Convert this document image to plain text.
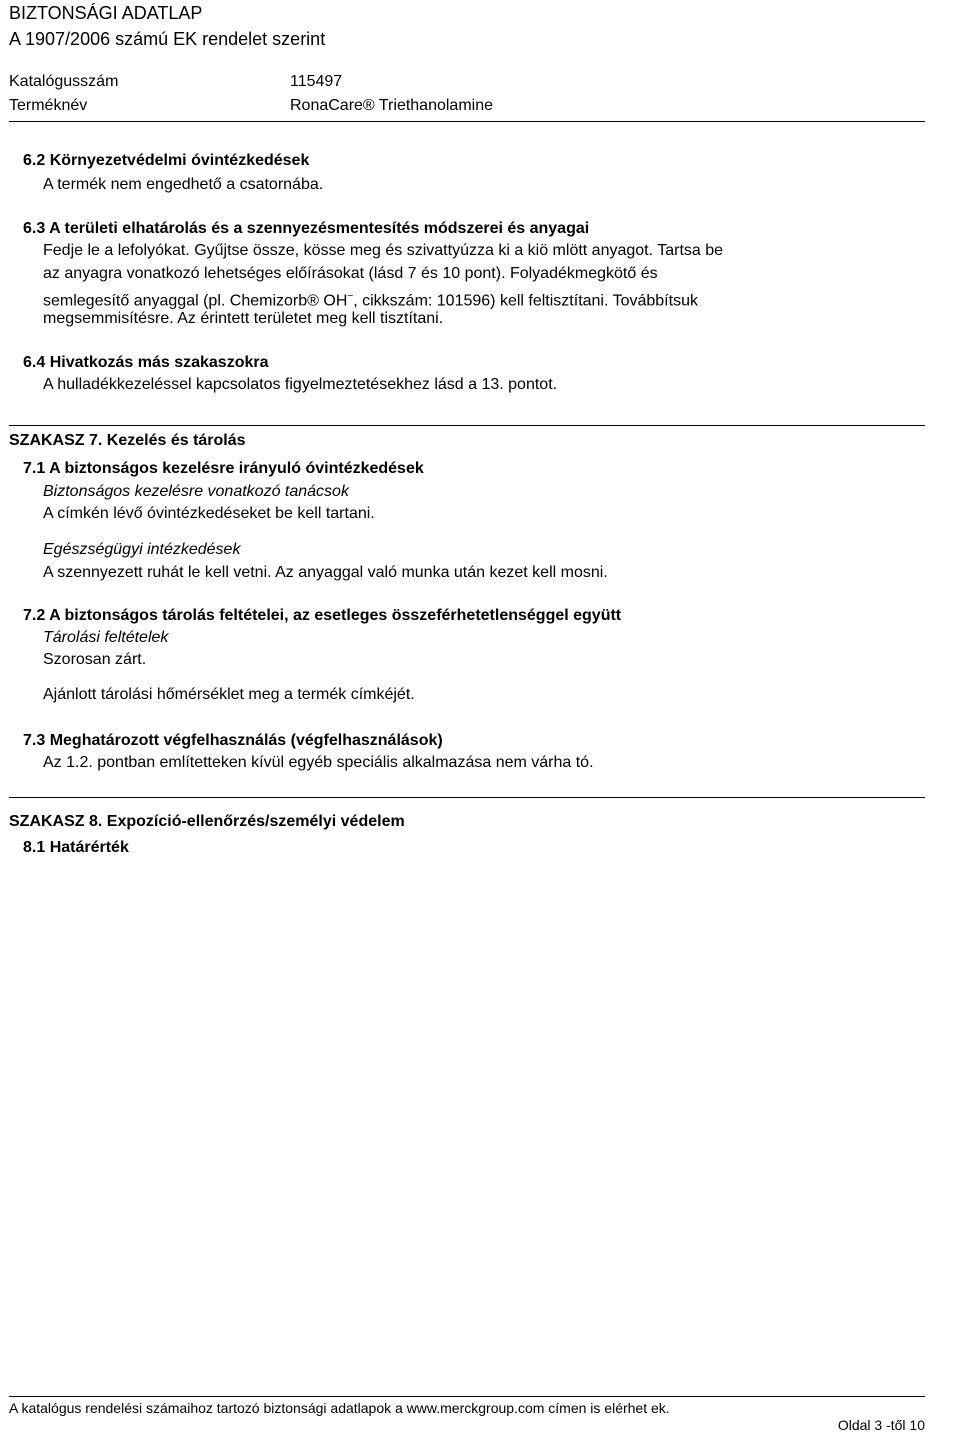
BIZTONSÁGI ADATLAP
A 1907/2006 számú EK rendelet szerint
Katalógusszám	115497
Terméknév	RonaCare® Triethanolamine
6.2 Környezetvédelmi óvintézkedések
A termék nem engedhető a csatornába.
6.3 A területi elhatárolás és a szennyezésmentesítés módszerei és anyagai
Fedje le a lefolyókat. Gyűjtse össze, kösse meg és szivattyúzza ki a kiö mlött anyagot. Tartsa be
az anyagra vonatkozó lehetséges előírásokat (lásd 7 és 10 pont). Folyadékmegkötő és
semlegesítő anyaggal (pl. Chemizorb® OH−, cikkszám: 101596) kell feltisztítani. Továbbítsuk
megsemmisítésre. Az érintett területet meg kell tisztítani.
6.4 Hivatkozás más szakaszokra
A hulladékkezeléssel kapcsolatos figyelmeztetésekhez lásd a 13. pontot.
SZAKASZ 7. Kezelés és tárolás
7.1 A biztonságos kezelésre irányuló óvintézkedések
Biztonságos kezelésre vonatkozó tanácsok
A címkén lévő óvintézkedéseket be kell tartani.
Egészségügyi intézkedések
A szennyezett ruhát le kell vetni. Az anyaggal való munka után kezet kell mosni.
7.2 A biztonságos tárolás feltételei, az esetleges összeférhetetlenséggel együtt
Tárolási feltételek
Szorosan zárt.
Ajánlott tárolási hőmérséklet meg a termék címkéjét.
7.3 Meghatározott végfelhasználás (végfelhasználások)
Az 1.2. pontban említetteken kívül egyéb speciális alkalmazása nem várha tó.
SZAKASZ 8. Expozíció-ellenőrzés/személyi védelem
8.1 Határérték
A katalógus rendelési számaihoz tartozó biztonsági adatlapok a www.merckgroup.com címen is elérhet ek.
Oldal 3 -től 10
